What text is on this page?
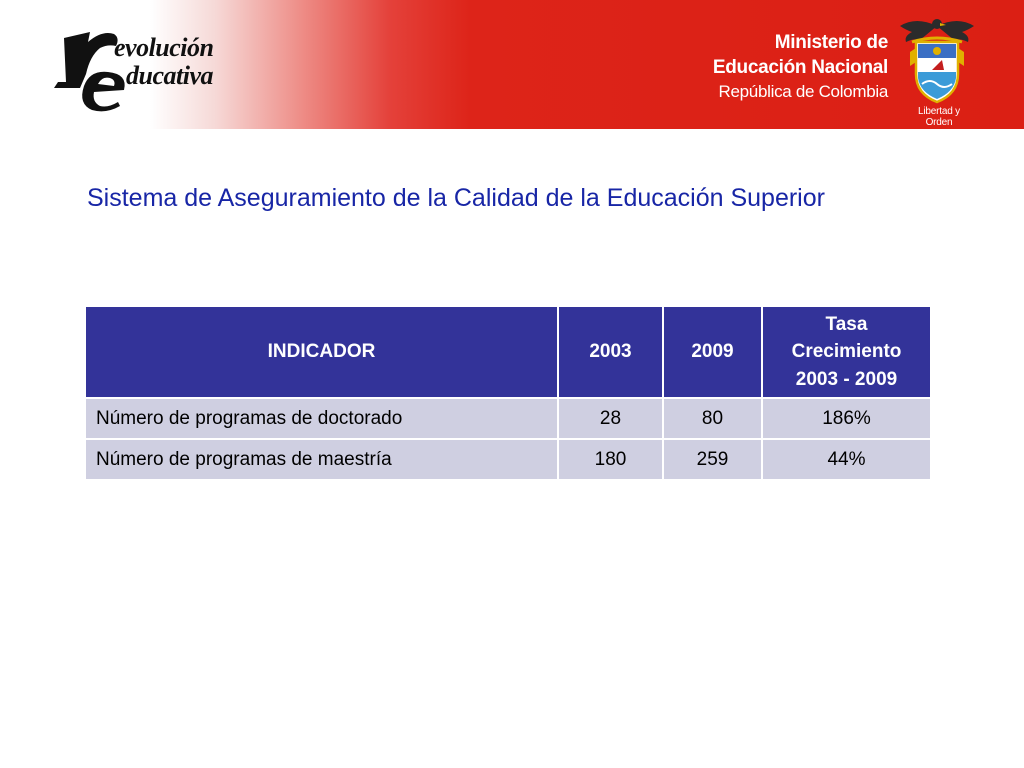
evolución
ducativa
Ministerio de
Educación Nacional
República de Colombia
Libertad y Orden
Sistema de Aseguramiento de la Calidad de la Educación Superior
INDICADOR	2003	2009	Tasa
Crecimiento
2003 - 2009

Número de programas de doctorado	28	80	186%
Número de programas de maestría	180	259	44%
